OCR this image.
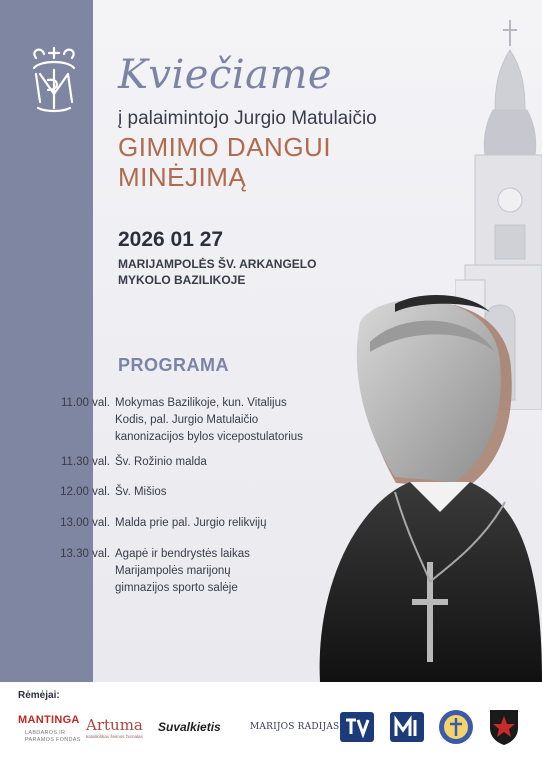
Kviečiame
į palaimintojo Jurgio Matulaičio
GIMIMO DANGUI
MINĖJIMĄ
2026 01 27
MARIJAMPOLĖS ŠV. ARKANGELO
MYKOLO BAZILIKOJE
PROGRAMA
11.00 val. Mokymas Bazilikoje, kun. Vitalijus
Kodis, pal. Jurgio Matulaičio
kanonizacijos bylos vicepostulatorius
11.30 val. Šv. Rožinio malda
12.00 val. Šv. Mišios
13.00 val. Malda prie pal. Jurgio relikvijų
13.30 val. Agapė ir bendrystės laikas
Marijampolės marijonų
gimnazijos sporto salėje
Rėmėjai:
MANTINGA
LABDAROS IR
PARAMOS FONDAS
Artuma
katalikiškas šeimos žurnalas
Suvalkietis	MARIJOS RADIJAS
